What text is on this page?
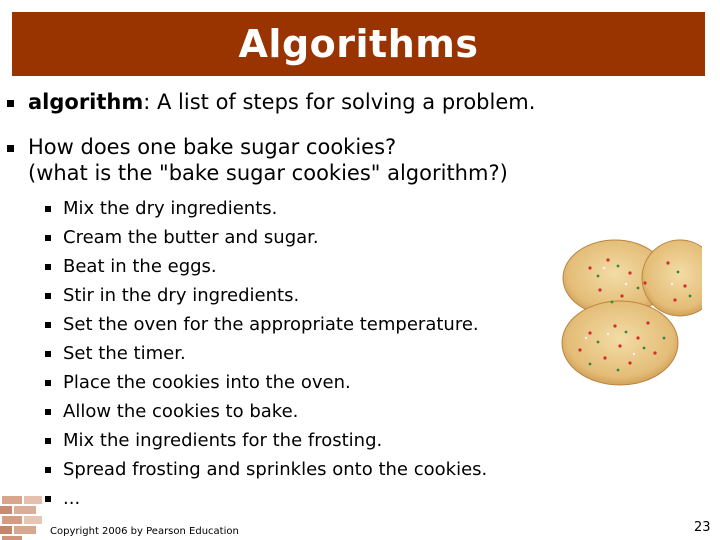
Algorithms
algorithm: A list of steps for solving a problem.
How does one bake sugar cookies?
(what is the "bake sugar cookies" algorithm?)
Mix the dry ingredients.
Cream the butter and sugar.
Beat in the eggs.
Stir in the dry ingredients.
Set the oven for the appropriate temperature.
Set the timer.
Place the cookies into the oven.
Allow the cookies to bake.
Mix the ingredients for the frosting.
Spread frosting and sprinkles onto the cookies.
...
Copyright 2006 by Pearson Education	23
